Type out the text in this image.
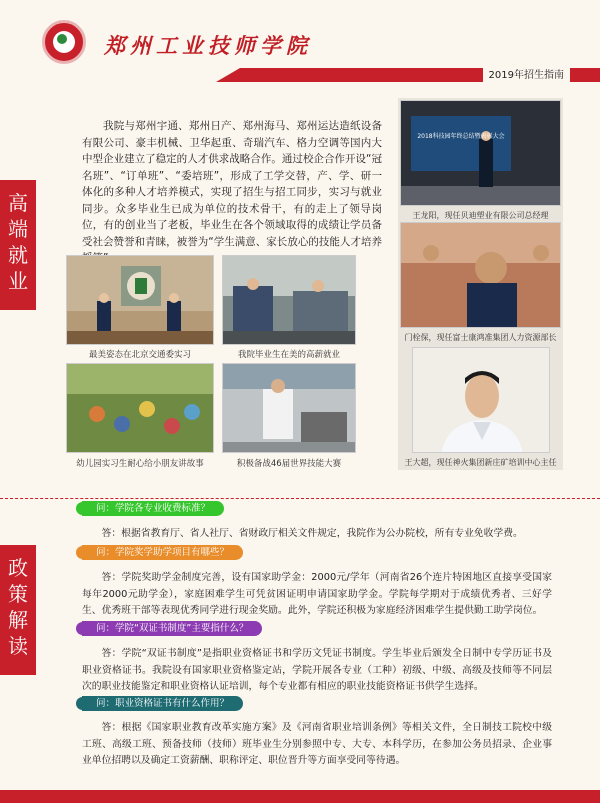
郑州工业技师学院
2019年招生指南
高端就业
我院与郑州宇通、郑州日产、郑州海马、郑州运达造纸设备有限公司、豪丰机械、卫华起重、奇瑞汽车、格力空调等国内大中型企业建立了稳定的人才供求战略合作。通过校企合作开设“冠名班”、“订单班”、“委培班”，形成了工学交替，产、学、研一体化的多种人才培养模式，实现了招生与招工同步，实习与就业同步。众多毕业生已成为单位的技术骨干，有的走上了领导岗位，有的创业当了老板，毕业生在各个领域取得的成绩让学员备受社会赞誉和青睐，被誉为“学生满意、家长放心的技能人才培养
最美姿态在北京交通委实习	我院毕业生在美的高薪就业
幼儿园实习生耐心给小朋友讲故事	积极备战46届世界技能大赛
2018科技园年终总结暨表彰大会
王龙阳，现任贝迪塑业有限公司总经理
门栓保，现任富士康鸿准集团人力资源部长
王大超，现任神火集团新庄矿培训中心主任
政策解读
问：学院各专业收费标准？
答：根据省教育厅、省人社厅、省财政厅相关文件规定，我院作为公办院校，所有专业免收学费。
问：学院奖学助学项目有哪些？
答：学院奖助学金制度完善，设有国家助学金：2000元/学年（河南省26个连片特困地区直接享受国家每年2000元助学金），家庭困难学生可凭贫困证明申请国家助学金。学院每学期对于成绩优秀者、三好学生、优秀班干部等表现优秀同学进行现金奖励。此外，学院还积极为家庭经济困难学生提供勤工助学岗位。
问：学院“双证书制度”主要指什么？
答：学院“双证书制度”是指职业资格证书和学历文凭证书制度。学生毕业后颁发全日制中专学历证书及职业资格证书。我院设有国家职业资格鉴定站，学院开展各专业（工种）初级、中级、高级及技师等不同层次的职业技能鉴定和职业资格认证培训，每个专业都有相应的职业技能资格证书供学生选择。
问：职业资格证书有什么作用？
答：根据《国家职业教育改革实施方案》及《河南省职业培训条例》等相关文件，全日制技工院校中级工班、高级工班、预备技师（技师）班毕业生分别参照中专、大专、本科学历，在参加公务员招录、企业事业单位招聘以及确定工资薪酬、职称评定、职位晋升等方面享受同等待遇。
